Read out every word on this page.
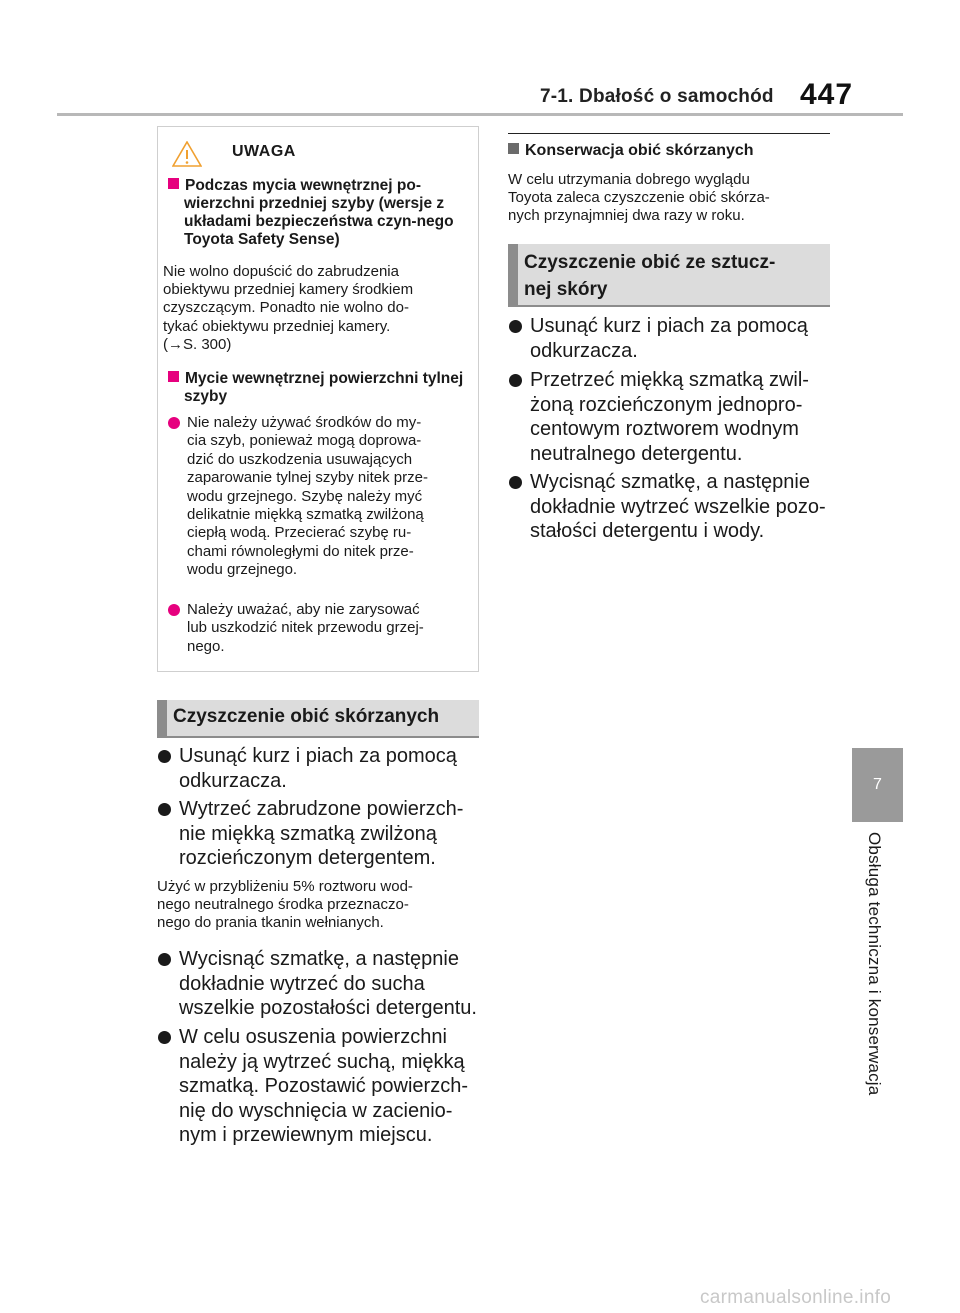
7-1. Dbałość o samochód 447
7
Obsługa techniczna i konserwacja
UWAGA
Podczas mycia wewnętrznej po-wierzchni przedniej szyby (wersje z układami bezpieczeństwa czyn-nego Toyota Safety Sense)
Nie wolno dopuścić do zabrudzenia
obiektywu przedniej kamery środkiem
czyszczącym. Ponadto nie wolno do-
tykać obiektywu przedniej kamery.
(→S. 300)
Mycie wewnętrznej powierzchni tylnej szyby
Nie należy używać środków do my-
cia szyb, ponieważ mogą doprowa-
dzić do uszkodzenia usuwających
zaparowanie tylnej szyby nitek prze-
wodu grzejnego. Szybę należy myć
delikatnie miękką szmatką zwilżoną
ciepłą wodą. Przecierać szybę ru-
chami równoległymi do nitek prze-
wodu grzejnego.
Należy uważać, aby nie zarysować
lub uszkodzić nitek przewodu grzej-
nego.
Czyszczenie obić skórzanych
Usunąć kurz i piach za pomocą
odkurzacza.
Wytrzeć zabrudzone powierzch-
nie miękką szmatką zwilżoną
rozcieńczonym detergentem.
Użyć w przybliżeniu 5% roztworu wod-
nego neutralnego środka przeznaczo-
nego do prania tkanin wełnianych.
Wycisnąć szmatkę, a następnie
dokładnie wytrzeć do sucha
wszelkie pozostałości detergentu.
W celu osuszenia powierzchni
należy ją wytrzeć suchą, miękką
szmatką. Pozostawić powierzch-
nię do wyschnięcia w zacienio-
nym i przewiewnym miejscu.
Konserwacja obić skórzanych
W celu utrzymania dobrego wyglądu
Toyota zaleca czyszczenie obić skórza-
nych przynajmniej dwa razy w roku.
Czyszczenie obić ze sztucz-
nej skóry
Usunąć kurz i piach za pomocą
odkurzacza.
Przetrzeć miękką szmatką zwil-
żoną rozcieńczonym jednopro-
centowym roztworem wodnym
neutralnego detergentu.
Wycisnąć szmatkę, a następnie
dokładnie wytrzeć wszelkie pozo-
stałości detergentu i wody.
carmanualsonline.info
